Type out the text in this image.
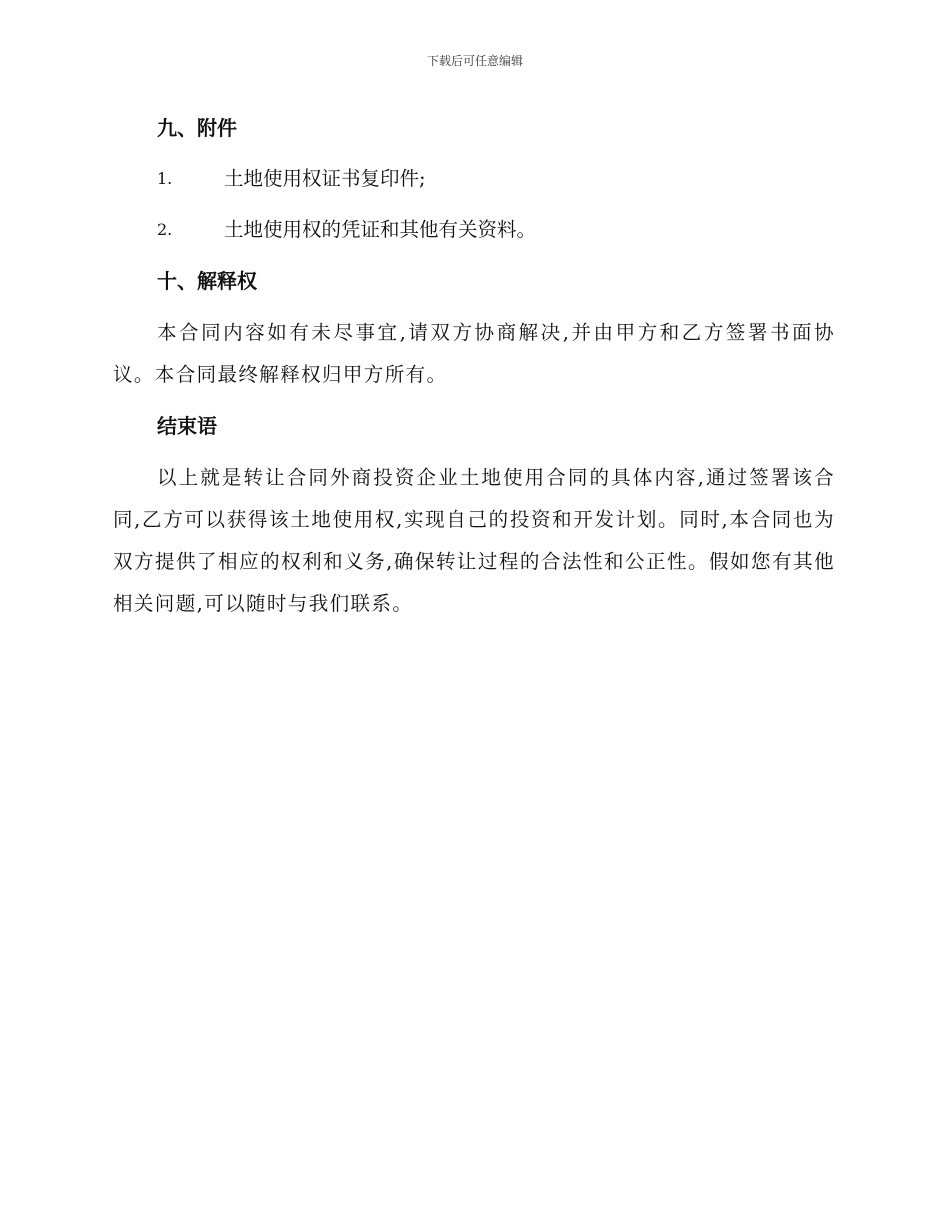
下载后可任意编辑
九、附件
1.	土地使用权证书复印件;
2.	土地使用权的凭证和其他有关资料。
十、解释权

本合同内容如有未尽事宜,请双方协商解决,并由甲方和乙方签署书面协议。本合同最终解释权归甲方所有。

结束语

以上就是转让合同外商投资企业土地使用合同的具体内容,通过签署该合同,乙方可以获得该土地使用权,实现自己的投资和开发计划。同时,本合同也为双方提供了相应的权利和义务,确保转让过程的合法性和公正性。假如您有其他相关问题,可以随时与我们联系。
